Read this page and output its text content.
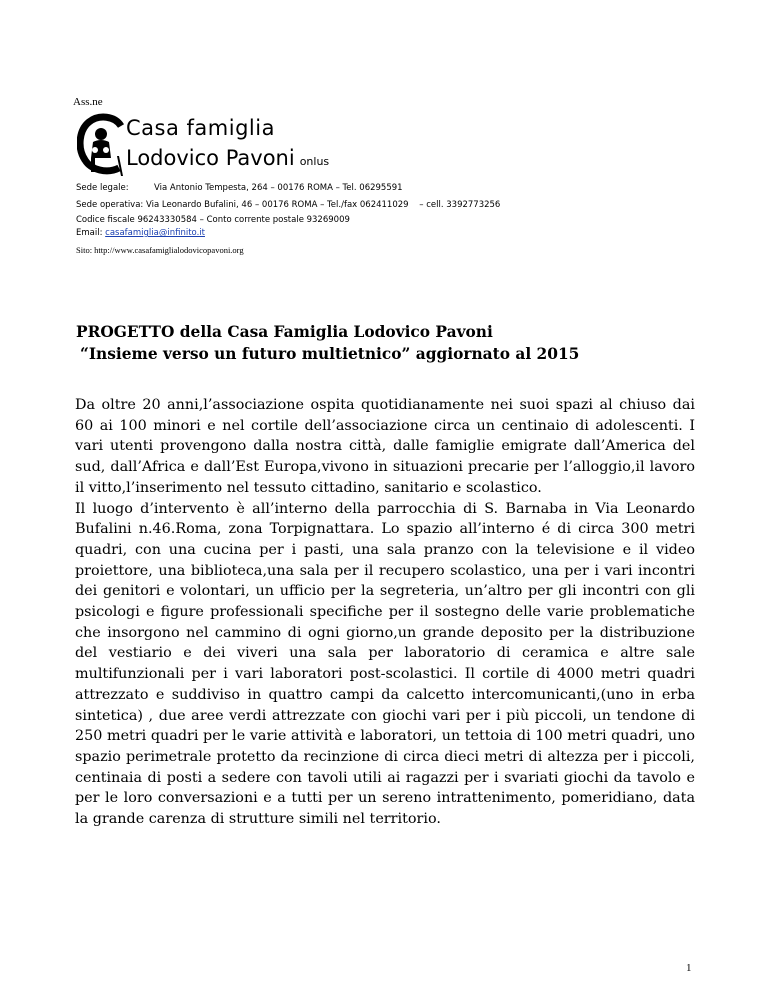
Ass.ne
Casa famiglia
Lodovico Pavoni onlus
Sede legale:	Via Antonio Tempesta, 264 – 00176 ROMA – Tel. 06295591
Sede operativa: Via Leonardo Bufalini, 46 – 00176 ROMA – Tel./fax 062411029 – cell. 3392773256
Codice fiscale 96243330584 – Conto corrente postale 93269009
Email: casafamiglia@infinito.it
Sito: http://www.casafamiglialodovicopavoni.org
PROGETTO della Casa Famiglia Lodovico Pavoni
“Insieme verso un futuro multietnico” aggiornato al 2015

Da oltre 20 anni,l’associazione ospita quotidianamente nei suoi spazi al chiuso dai 60 ai 100 minori e nel cortile dell’associazione circa un centinaio di adolescenti. I vari utenti provengono dalla nostra città, dalle famiglie emigrate dall’America del sud, dall’Africa e dall’Est Europa,vivono in situazioni precarie per l’alloggio,il lavoro il vitto,l’inserimento nel tessuto cittadino, sanitario e scolastico.

Il luogo d’intervento è all’interno della parrocchia di S. Barnaba in Via Leonardo Bufalini n.46.Roma, zona Torpignattara. Lo spazio all’interno é di circa 300 metri quadri, con una cucina per i pasti, una sala pranzo con la televisione e il video proiettore, una biblioteca,una sala per il recupero scolastico, una per i vari incontri dei genitori e volontari, un ufficio per la segreteria, un’altro per gli incontri con gli psicologi e figure professionali specifiche per il sostegno delle varie problematiche che insorgono nel cammino di ogni giorno,un grande deposito per la distribuzione del vestiario e dei viveri una sala per laboratorio di ceramica e altre sale multifunzionali per i vari laboratori post-scolastici. Il cortile di 4000 metri quadri attrezzato e suddiviso in quattro campi da calcetto intercomunicanti,(uno in erba sintetica) , due aree verdi attrezzate con giochi vari per i più piccoli, un tendone di 250 metri quadri per le varie attività e laboratori, un tettoia di 100 metri quadri, uno spazio perimetrale protetto da recinzione di circa dieci metri di altezza per i piccoli, centinaia di posti a sedere con tavoli utili ai ragazzi per i svariati giochi da tavolo e per le loro conversazioni e a tutti per un sereno intrattenimento, pomeridiano, data la grande carenza di strutture simili nel territorio.

1
